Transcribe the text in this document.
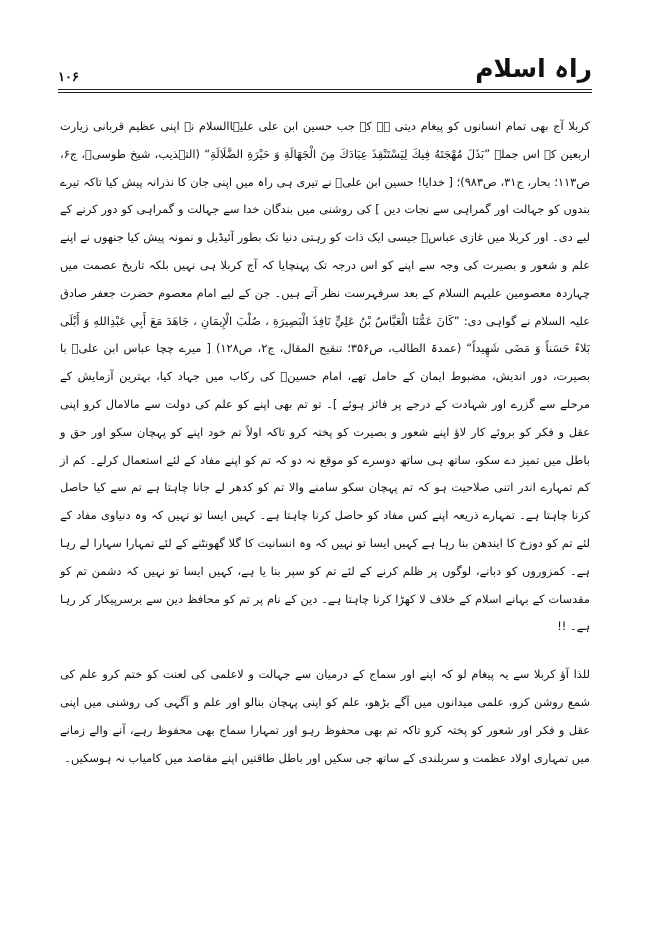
۱۰۶	راہ اسلام

کربلا آج بھی تمام انسانوں کو پیغام دیتی ہے کہ جب حسین ابن علی علیہاالسلام نے اپنی عظیم قربانی زیارت اربعین کے اس جملہ ”بَذَلَ مُهْجَتَهُ فِيكَ لِيَسْتَنْقِذَ عِبَادَكَ مِنَ الْجَهَالَةِ وَ حَيْرَةِ الضَّلَالَةِ“ (التہذیب، شیخ طوسیؒ، ج۶، ص۱۱۳؛ بحار، ج۳۱، ص۹۸۳)؛ [ خدایا! حسین ابن علیؑ نے تیری ہی راہ میں اپنی جان کا نذرانہ پیش کیا تاکہ تیرے بندوں کو جہالت اور گمراہی سے نجات دیں ] کی روشنی میں بندگان خدا سے جہالت و گمراہی کو دور کرنے کے لیے دی۔ اور کربلا میں غازی عباسؑ جیسی ایک ذات کو رہتی دنیا تک بطور آئیڈیل و نمونہ پیش کیا جنھوں نے اپنے علم و شعور و بصیرت کی وجہ سے اپنے کو اس درجہ تک پہنچایا کہ آج کربلا ہی نہیں بلکہ تاریخ عصمت میں چہاردہ معصومین علیہم السلام کے بعد سرفہرست نظر آتے ہیں۔ جن کے لیے امام معصوم حضرت جعفر صادق علیہ السلام نے گواہی دی: ”كَانَ عَمُّنَا الْعَبَّاسُ بْنُ عَلِيٍّ نَافِذَ الْبَصِيرَةِ ، صُلْبَ الْإِيمَانِ ، جَاهَدَ مَعَ أَبِي عَبْدِاللهِ وَ أَبْلَى بَلاءً حَسَناً وَ مَضَى شَهِيداً“ (عمدۃ الطالب، ص۳۵۶؛ تنقیح المقال، ج۲، ص۱۲۸) [ میرے چچا عباس ابن علیؑ با بصیرت، دور اندیش، مضبوط ایمان کے حامل تھے، امام حسینؑ کی رکاب میں جہاد کیا، بہترین آزمایش کے مرحلے سے گزرے اور شہادت کے درجے پر فائز ہوئے ]۔ تو تم بھی اپنے کو علم کی دولت سے مالامال کرو اپنی عقل و فکر کو بروئے کار لاؤ اپنے شعور و بصیرت کو پختہ کرو تاکہ اولاً تم خود اپنے کو پہچان سکو اور حق و باطل میں تمیز دے سکو، ساتھ ہی ساتھ دوسرے کو موقع نہ دو کہ تم کو اپنے مفاد کے لئے استعمال کرلے۔ کم از کم تمہارے اندر اتنی صلاحیت ہو کہ تم پہچان سکو سامنے والا تم کو کدھر لے جانا چاہتا ہے تم سے کیا حاصل کرنا چاہتا ہے۔ تمہارے ذریعہ اپنے کس مفاد کو حاصل کرنا چاہتا ہے۔ کہیں ایسا تو نہیں کہ وہ دنیاوی مفاد کے لئے تم کو دوزخ کا ایندھن بنا رہا ہے کہیں ایسا تو نہیں کہ وہ انسانیت کا گلا گھونٹنے کے لئے تمہارا سہارا لے رہا ہے۔ کمزوروں کو دبانے، لوگوں پر ظلم کرنے کے لئے تم کو سپر بنا یا ہے، کہیں ایسا تو نہیں کہ دشمن تم کو مقدسات کے بہانے اسلام کے خلاف لا کھڑا کرنا چاہتا ہے۔ دین کے نام پر تم کو محافظ دین سے برسرپیکار کر رہا ہے۔ !!

للذا آؤ کربلا سے یہ پیغام لو کہ اپنے اور سماج کے درمیان سے جہالت و لاعلمی کی لعنت کو ختم کرو علم کی شمع روشن کرو، علمی میدانوں میں آگے بڑھو، علم کو اپنی پہچان بنالو اور علم و آگہی کی روشنی میں اپنی عقل و فکر اور شعور کو پختہ کرو تاکہ تم بھی محفوظ رہو اور تمہارا سماج بھی محفوظ رہے، آنے والے زمانے میں تمہاری اولاد عظمت و سربلندی کے ساتھ جی سکیں اور باطل طاقتیں اپنے مقاصد میں کامیاب نہ ہوسکیں۔
